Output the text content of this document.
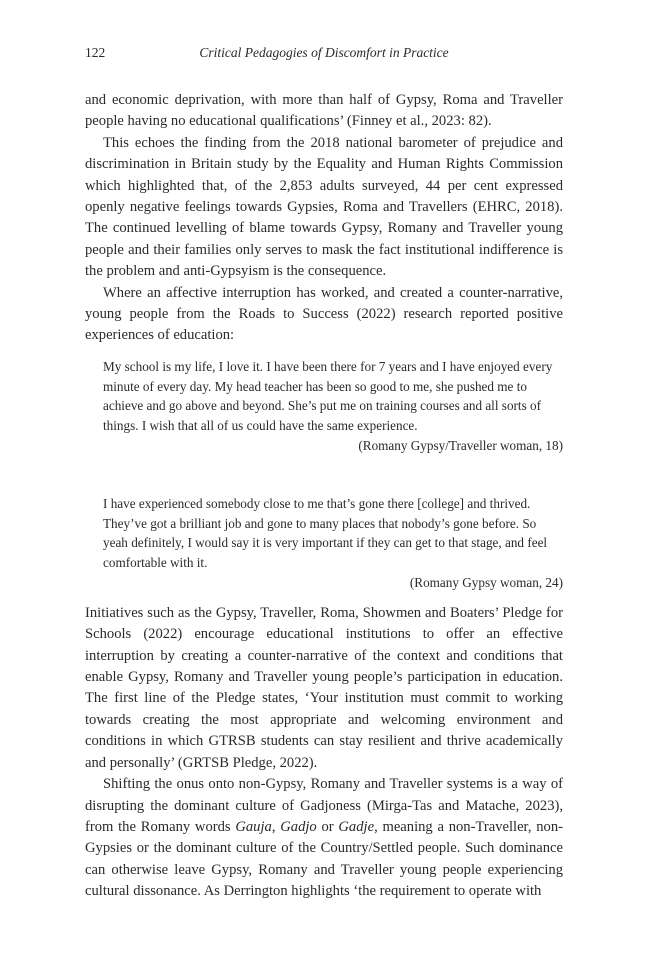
122	Critical Pedagogies of Discomfort in Practice

and economic deprivation, with more than half of Gypsy, Roma and Traveller people having no educational qualifications’ (Finney et al., 2023: 82).

This echoes the finding from the 2018 national barometer of prejudice and discrimination in Britain study by the Equality and Human Rights Commission which highlighted that, of the 2,853 adults surveyed, 44 per cent expressed openly negative feelings towards Gypsies, Roma and Travellers (EHRC, 2018). The continued levelling of blame towards Gypsy, Romany and Traveller young people and their families only serves to mask the fact institutional indifference is the problem and anti-Gypsyism is the consequence.

Where an affective interruption has worked, and created a counter-narrative, young people from the Roads to Success (2022) research reported positive experiences of education:

My school is my life, I love it. I have been there for 7 years and I have enjoyed every minute of every day. My head teacher has been so good to me, she pushed me to achieve and go above and beyond. She’s put me on training courses and all sorts of things. I wish that all of us could have the same experience.
(Romany Gypsy/Traveller woman, 18)
I have experienced somebody close to me that’s gone there [college] and thrived. They’ve got a brilliant job and gone to many places that nobody’s gone before. So yeah definitely, I would say it is very important if they can get to that stage, and feel comfortable with it.
(Romany Gypsy woman, 24)

Initiatives such as the Gypsy, Traveller, Roma, Showmen and Boaters’ Pledge for Schools (2022) encourage educational institutions to offer an effective interruption by creating a counter-narrative of the context and conditions that enable Gypsy, Romany and Traveller young people’s participation in education. The first line of the Pledge states, ‘Your institution must commit to working towards creating the most appropriate and welcoming environment and conditions in which GTRSB students can stay resilient and thrive academically and personally’ (GRTSB Pledge, 2022).

Shifting the onus onto non-Gypsy, Romany and Traveller systems is a way of disrupting the dominant culture of Gadjoness (Mirga-Tas and Matache, 2023), from the Romany words Gauja, Gadjo or Gadje, meaning a non-Traveller, non-Gypsies or the dominant culture of the Country/Settled people. Such dominance can otherwise leave Gypsy, Romany and Traveller young people experiencing cultural dissonance. As Derrington highlights ‘the requirement to operate with
